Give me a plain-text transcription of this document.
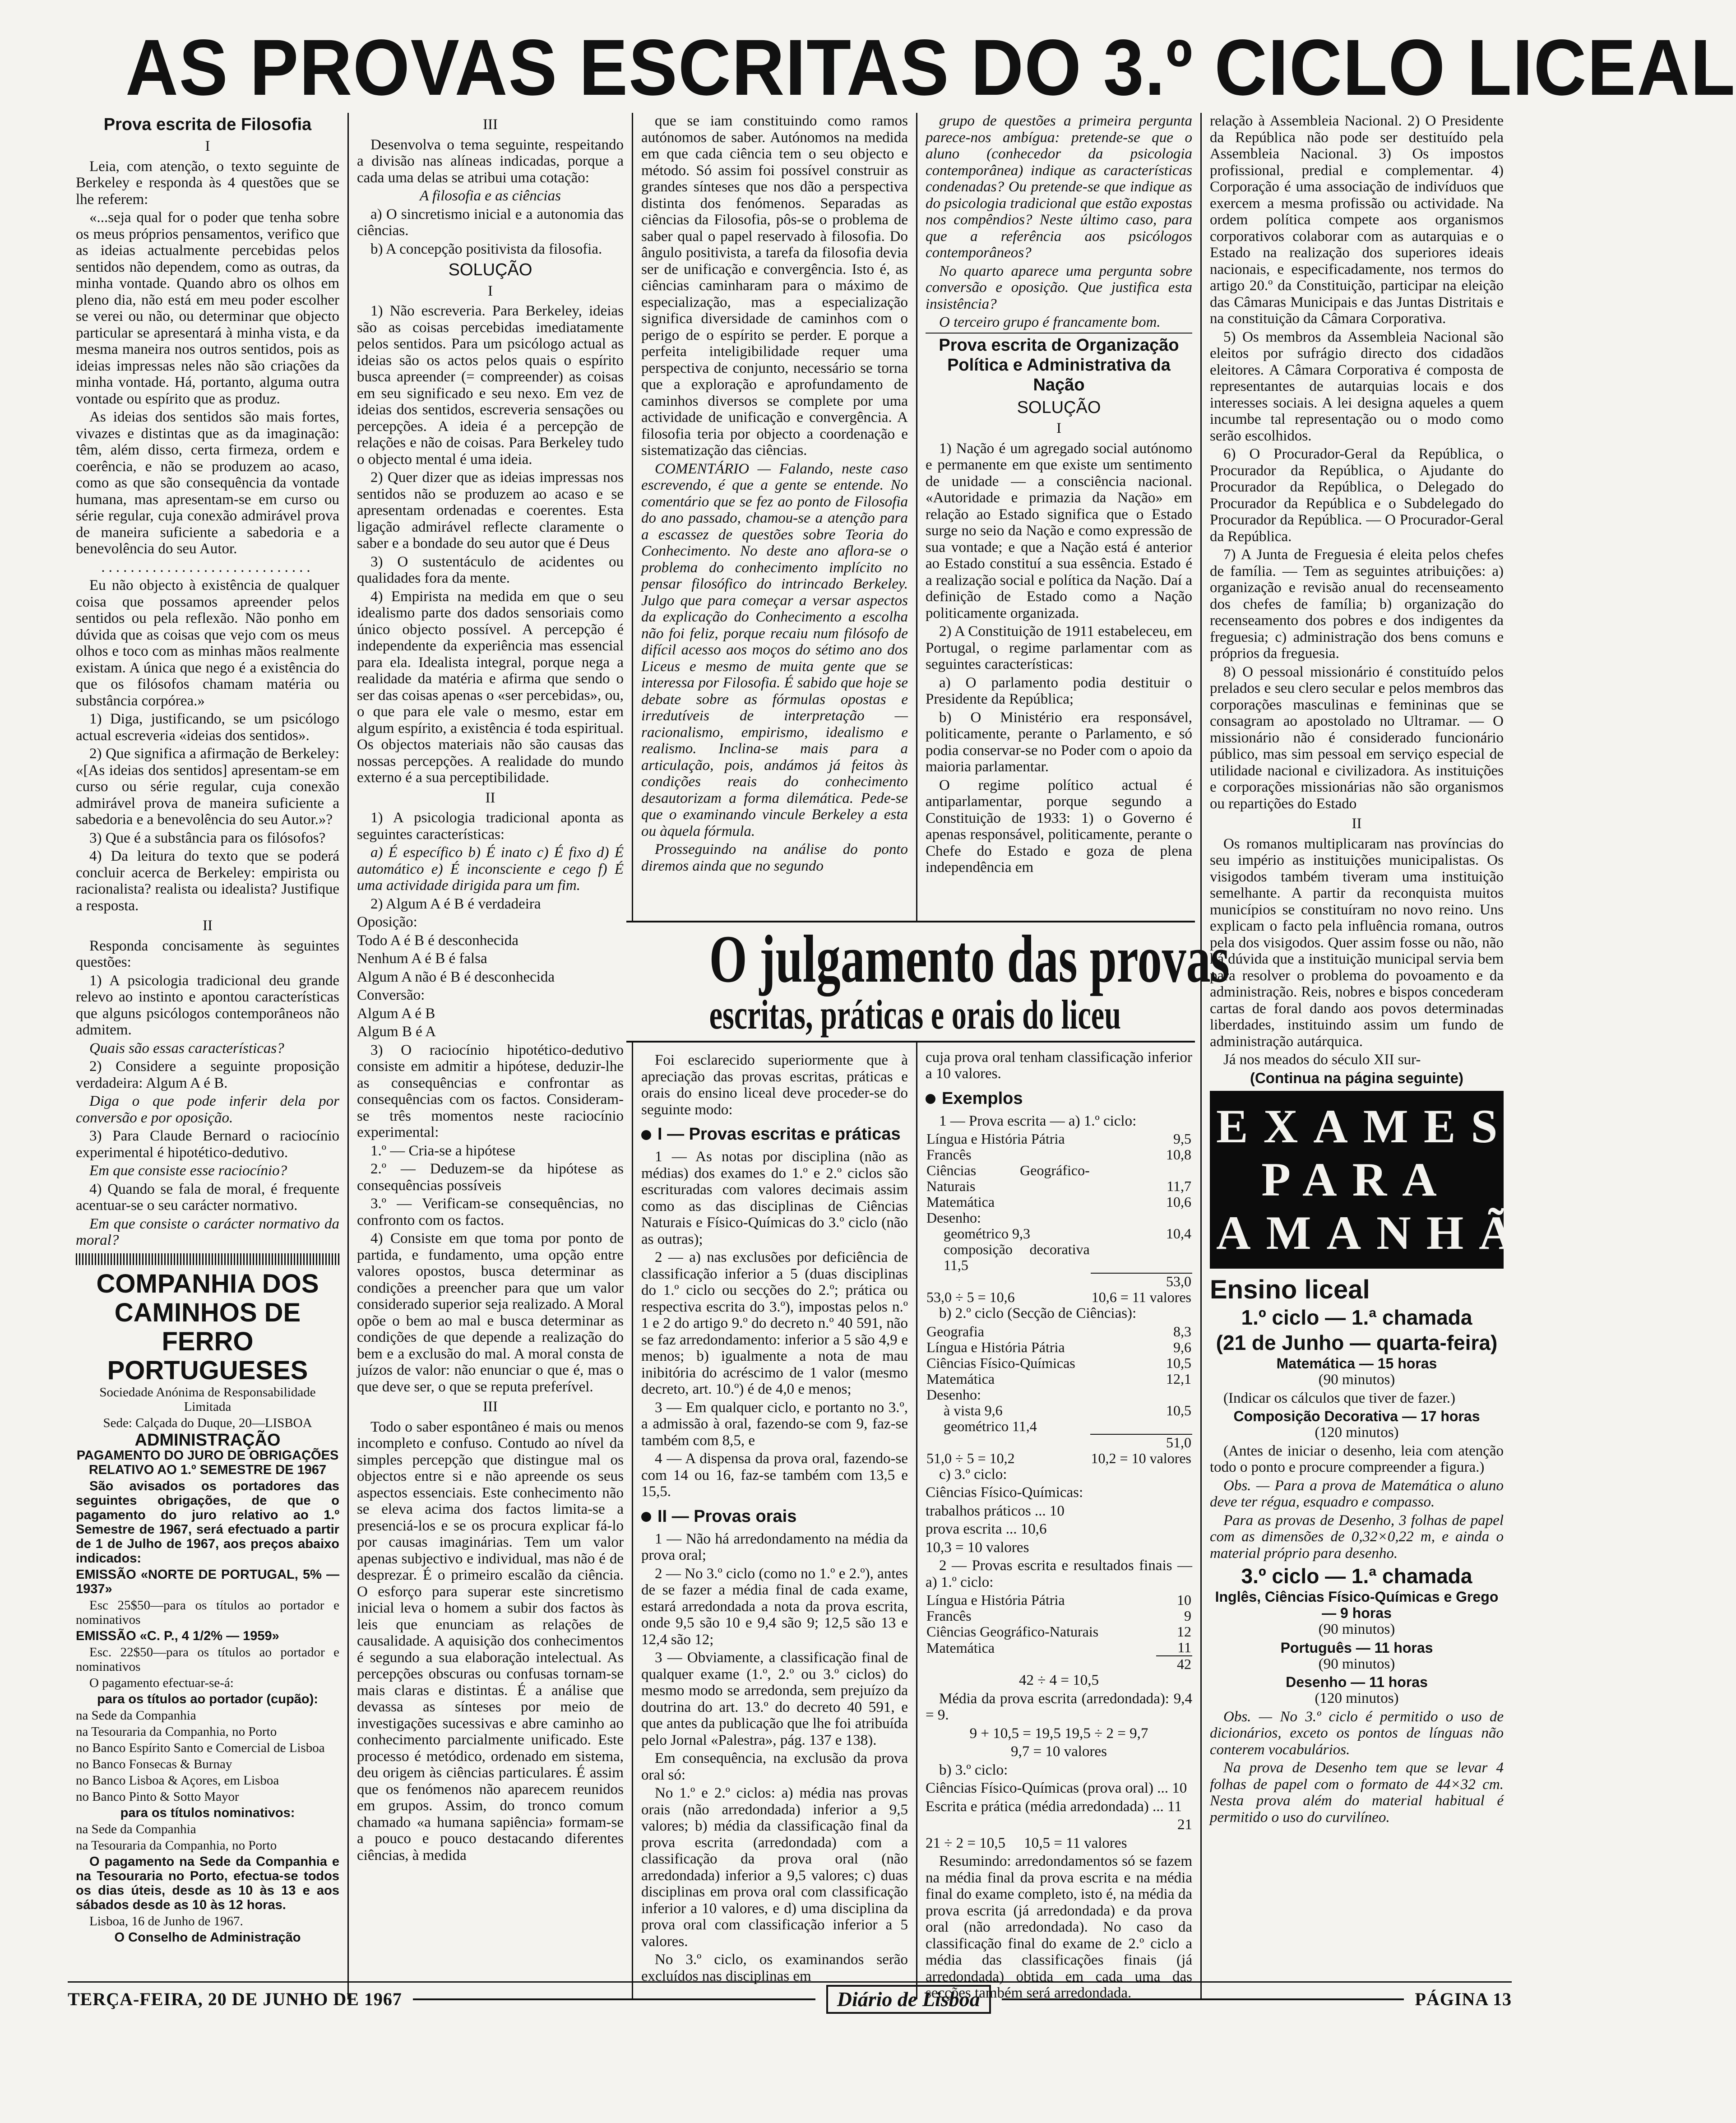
AS PROVAS ESCRITAS DO 3.º CICLO LICEAL
Prova escrita de Filosofia
I

Leia, com atenção, o texto seguinte de Berkeley e responda às 4 questões que se lhe referem:

«...seja qual for o poder que tenha sobre os meus próprios pensamentos, verifico que as ideias actualmente percebidas pelos sentidos não dependem, como as outras, da minha vontade. Quando abro os olhos em pleno dia, não está em meu poder escolher se verei ou não, ou determinar que objecto particular se apresentará à minha vista, e da mesma maneira nos outros sentidos, pois as ideias impressas neles não são criações da minha vontade. Há, portanto, alguma outra vontade ou espírito que as produz.

As ideias dos sentidos são mais fortes, vivazes e distintas que as da imaginação: têm, além disso, certa firmeza, ordem e coerência, e não se produzem ao acaso, como as que são consequência da vontade humana, mas apresentam-se em curso ou série regular, cuja conexão admirável prova de maneira suficiente a sabedoria e a benevolência do seu Autor.

.............................

Eu não objecto à existência de qualquer coisa que possamos apreender pelos sentidos ou pela reflexão. Não ponho em dúvida que as coisas que vejo com os meus olhos e toco com as minhas mãos realmente existam. A única que nego é a existência do que os filósofos chamam matéria ou substância corpórea.»

1) Diga, justificando, se um psicólogo actual escreveria «ideias dos sentidos».

2) Que significa a afirmação de Berkeley: «[As ideias dos sentidos] apresentam-se em curso ou série regular, cuja conexão admirável prova de maneira suficiente a sabedoria e a benevolência do seu Autor.»?

3) Que é a substância para os filósofos?

4) Da leitura do texto que se poderá concluir acerca de Berkeley: empirista ou racionalista? realista ou idealista? Justifique a resposta.

II

Responda concisamente às seguintes questões:

1) A psicologia tradicional deu grande relevo ao instinto e apontou características que alguns psicólogos contemporâneos não admitem.

Quais são essas características?

2) Considere a seguinte proposição verdadeira: Algum A é B.

Diga o que pode inferir dela por conversão e por oposição.

3) Para Claude Bernard o raciocínio experimental é hipotético-dedutivo.

Em que consiste esse raciocínio?

4) Quando se fala de moral, é frequente acentuar-se o seu carácter normativo.

Em que consiste o carácter normativo da moral?

COMPANHIA DOS CAMINHOS DE FERRO PORTUGUESES

Sociedade Anónima de Responsabilidade Limitada

Sede: Calçada do Duque, 20—LISBOA

ADMINISTRAÇÃO

PAGAMENTO DO JURO DE OBRIGAÇÕES RELATIVO AO 1.º SEMESTRE DE 1967

São avisados os portadores das seguintes obrigações, de que o pagamento do juro relativo ao 1.º Semestre de 1967, será efectuado a partir de 1 de Julho de 1967, aos preços abaixo indicados:

EMISSÃO «NORTE DE PORTUGAL, 5% — 1937»

Esc 25$50—para os títulos ao portador e nominativos

EMISSÃO «C. P., 4 1/2% — 1959»

Esc. 22$50—para os títulos ao portador e nominativos

O pagamento efectuar-se-á:

para os títulos ao portador (cupão):

na Sede da Companhia

na Tesouraria da Companhia, no Porto

no Banco Espírito Santo e Comercial de Lisboa

no Banco Fonsecas & Burnay

no Banco Lisboa & Açores, em Lisboa

no Banco Pinto & Sotto Mayor

para os títulos nominativos:

na Sede da Companhia

na Tesouraria da Companhia, no Porto

O pagamento na Sede da Companhia e na Tesouraria no Porto, efectua-se todos os dias úteis, desde as 10 às 13 e aos sábados desde as 10 às 12 horas.

Lisboa, 16 de Junho de 1967.

O Conselho de Administração

III

Desenvolva o tema seguinte, respeitando a divisão nas alíneas indicadas, porque a cada uma delas se atribui uma cotação:

A filosofia e as ciências

a) O sincretismo inicial e a autonomia das ciências.

b) A concepção positivista da filosofia.

SOLUÇÃO
I

1) Não escreveria. Para Berkeley, ideias são as coisas percebidas imediatamente pelos sentidos. Para um psicólogo actual as ideias são os actos pelos quais o espírito busca apreender (= compreender) as coisas em seu significado e seu nexo. Em vez de ideias dos sentidos, escreveria sensações ou percepções. A ideia é a percepção de relações e não de coisas. Para Berkeley tudo o objecto mental é uma ideia.

2) Quer dizer que as ideias impressas nos sentidos não se produzem ao acaso e se apresentam ordenadas e coerentes. Esta ligação admirável reflecte claramente o saber e a bondade do seu autor que é Deus

3) O sustentáculo de acidentes ou qualidades fora da mente.

4) Empirista na medida em que o seu idealismo parte dos dados sensoriais como único objecto possível. A percepção é independente da experiência mas essencial para ela. Idealista integral, porque nega a realidade da matéria e afirma que sendo o ser das coisas apenas o «ser percebidas», ou, o que para ele vale o mesmo, estar em algum espírito, a existência é toda espiritual. Os objectos materiais não são causas das nossas percepções. A realidade do mundo externo é a sua perceptibilidade.

II

1) A psicologia tradicional aponta as seguintes características:

a) É específico b) É inato c) É fixo d) É automático e) É inconsciente e cego f) É uma actividade dirigida para um fim.

2) Algum A é B é verdadeira

Oposição:

Todo A é B é desconhecida

Nenhum A é B é falsa

Algum A não é B é desconhecida

Conversão:

Algum A é B

Algum B é A

3) O raciocínio hipotético-dedutivo consiste em admitir a hipótese, deduzir-lhe as consequências e confrontar as consequências com os factos. Consideram-se três momentos neste raciocínio experimental:

1.º — Cria-se a hipótese

2.º — Deduzem-se da hipótese as consequências possíveis

3.º — Verificam-se consequências, no confronto com os factos.

4) Consiste em que toma por ponto de partida, e fundamento, uma opção entre valores opostos, busca determinar as condições a preencher para que um valor considerado superior seja realizado. A Moral opõe o bem ao mal e busca determinar as condições de que depende a realização do bem e a exclusão do mal. A moral consta de juízos de valor: não enunciar o que é, mas o que deve ser, o que se reputa preferível.

III

Todo o saber espontâneo é mais ou menos incompleto e confuso. Contudo ao nível da simples percepção que distingue mal os objectos entre si e não apreende os seus aspectos essenciais. Este conhecimento não se eleva acima dos factos limita-se a presenciá-los e se os procura explicar fá-lo por causas imaginárias. Tem um valor apenas subjectivo e individual, mas não é de desprezar. É o primeiro escalão da ciência. O esforço para superar este sincretismo inicial leva o homem a subir dos factos às leis que enunciam as relações de causalidade. A aquisição dos conhecimentos é segundo a sua elaboração intelectual. As percepções obscuras ou confusas tornam-se mais claras e distintas. É a análise que devassa as sínteses por meio de investigações sucessivas e abre caminho ao conhecimento parcialmente unificado. Este processo é metódico, ordenado em sistema, deu origem às ciências particulares. É assim que os fenómenos não aparecem reunidos em grupos. Assim, do tronco comum chamado «a humana sapiência» formam-se a pouco e pouco destacando diferentes ciências, à medida

que se iam constituindo como ramos autónomos de saber. Autónomos na medida em que cada ciência tem o seu objecto e método. Só assim foi possível construir as grandes sínteses que nos dão a perspectiva distinta dos fenómenos. Separadas as ciências da Filosofia, pôs-se o problema de saber qual o papel reservado à filosofia. Do ângulo positivista, a tarefa da filosofia devia ser de unificação e convergência. Isto é, as ciências caminharam para o máximo de especialização, mas a especialização significa diversidade de caminhos com o perigo de o espírito se perder. E porque a perfeita inteligibilidade requer uma perspectiva de conjunto, necessário se torna que a exploração e aprofundamento de caminhos diversos se complete por uma actividade de unificação e convergência. A filosofia teria por objecto a coordenação e sistematização das ciências.

COMENTÁRIO — Falando, neste caso escrevendo, é que a gente se entende. No comentário que se fez ao ponto de Filosofia do ano passado, chamou-se a atenção para a escassez de questões sobre Teoria do Conhecimento. No deste ano aflora-se o problema do conhecimento implícito no pensar filosófico do intrincado Berkeley. Julgo que para começar a versar aspectos da explicação do Conhecimento a escolha não foi feliz, porque recaiu num filósofo de difícil acesso aos moços do sétimo ano dos Liceus e mesmo de muita gente que se interessa por Filosofia. É sabido que hoje se debate sobre as fórmulas opostas e irredutíveis de interpretação — racionalismo, empirismo, idealismo e realismo. Inclina-se mais para a articulação, pois, andámos já feitos às condições reais do conhecimento desautorizam a forma dilemática. Pede-se que o examinando vincule Berkeley a esta ou àquela fórmula.

Prosseguindo na análise do ponto diremos ainda que no segundo

Foi esclarecido superiormente que à apreciação das provas escritas, práticas e orais do ensino liceal deve proceder-se do seguinte modo:

I — Provas escritas e práticas

1 — As notas por disciplina (não as médias) dos exames do 1.º e 2.º ciclos são escrituradas com valores decimais assim como as das disciplinas de Ciências Naturais e Físico-Químicas do 3.º ciclo (não as outras);

2 — a) nas exclusões por deficiência de classificação inferior a 5 (duas disciplinas do 1.º ciclo ou secções do 2.º; prática ou respectiva escrita do 3.º), impostas pelos n.º 1 e 2 do artigo 9.º do decreto n.º 40 591, não se faz arredondamento: inferior a 5 são 4,9 e menos; b) igualmente a nota de mau inibitória do acréscimo de 1 valor (mesmo decreto, art. 10.º) é de 4,0 e menos;

3 — Em qualquer ciclo, e portanto no 3.º, a admissão à oral, fazendo-se com 9, faz-se também com 8,5, e

4 — A dispensa da prova oral, fazendo-se com 14 ou 16, faz-se também com 13,5 e 15,5.

II — Provas orais

1 — Não há arredondamento na média da prova oral;

2 — No 3.º ciclo (como no 1.º e 2.º), antes de se fazer a média final de cada exame, estará arredondada a nota da prova escrita, onde 9,5 são 10 e 9,4 são 9; 12,5 são 13 e 12,4 são 12;

3 — Obviamente, a classificação final de qualquer exame (1.º, 2.º ou 3.º ciclos) do mesmo modo se arredonda, sem prejuízo da doutrina do art. 13.º do decreto 40 591, e que antes da publicação que lhe foi atribuída pelo Jornal «Palestra», pág. 137 e 138).

Em consequência, na exclusão da prova oral só:

No 1.º e 2.º ciclos: a) média nas provas orais (não arredondada) inferior a 9,5 valores; b) média da classificação final da prova escrita (arredondada) com a classificação da prova oral (não arredondada) inferior a 9,5 valores; c) duas disciplinas em prova oral com classificação inferior a 10 valores, e d) uma disciplina da prova oral com classificação inferior a 5 valores.

No 3.º ciclo, os examinandos serão excluídos nas disciplinas em

grupo de questões a primeira pergunta parece-nos ambígua: pretende-se que o aluno (conhecedor da psicologia contemporânea) indique as características condenadas? Ou pretende-se que indique as do psicologia tradicional que estão expostas nos compêndios? Neste último caso, para que a referência aos psicólogos contemporâneos?

No quarto aparece uma pergunta sobre conversão e oposição. Que justifica esta insistência?

O terceiro grupo é francamente bom.

Prova escrita de Organização Política e Administrativa da Nação
SOLUÇÃO
I

1) Nação é um agregado social autónomo e permanente em que existe um sentimento de unidade — a consciência nacional. «Autoridade e primazia da Nação» em relação ao Estado significa que o Estado surge no seio da Nação e como expressão de sua vontade; e que a Nação está é anterior ao Estado constituí a sua essência. Estado é a realização social e política da Nação. Daí a definição de Estado como a Nação politicamente organizada.

2) A Constituição de 1911 estabeleceu, em Portugal, o regime parlamentar com as seguintes características:

a) O parlamento podia destituir o Presidente da República;

b) O Ministério era responsável, politicamente, perante o Parlamento, e só podia conservar-se no Poder com o apoio da maioria parlamentar.

O regime político actual é antiparlamentar, porque segundo a Constituição de 1933: 1) o Governo é apenas responsável, politicamente, perante o Chefe do Estado e goza de plena independência em

cuja prova oral tenham classificação inferior a 10 valores.

Exemplos

1 — Prova escrita — a) 1.º ciclo:

Língua e História Pátria	9,5
Francês	10,8
Ciências Geográfico-Naturais	11,7
Matemática	10,6
Desenho:	
geométrico 9,3	10,4
composição decorativa 11,5	
	53,0
53,0 ÷ 5 = 10,6	10,6 = 11 valores

b) 2.º ciclo (Secção de Ciências):

Geografia	8,3
Língua e História Pátria	9,6
Ciências Físico-Químicas	10,5
Matemática	12,1
Desenho:	
à vista 9,6	10,5
geométrico 11,4	
	51,0
51,0 ÷ 5 = 10,2	10,2 = 10 valores

c) 3.º ciclo:

Ciências Físico-Químicas:

trabalhos práticos ... 10

prova escrita ... 10,6

10,3 = 10 valores

2 — Provas escrita e resultados finais — a) 1.º ciclo:

Língua e História Pátria	10
Francês	9
Ciências Geográfico-Naturais	12
Matemática	11
	42

42 ÷ 4 = 10,5

Média da prova escrita (arredondada): 9,4 = 9.

9 + 10,5 = 19,5 19,5 ÷ 2 = 9,7

9,7 = 10 valores

b) 3.º ciclo:

Ciências Físico-Químicas (prova oral) ... 10

Escrita e prática (média arredondada) ... 11

21

21 ÷ 2 = 10,5 10,5 = 11 valores

Resumindo: arredondamentos só se fazem na média final da prova escrita e na média final do exame completo, isto é, na média da prova escrita (já arredondada) e da prova oral (não arredondada). No caso da classificação final do exame de 2.º ciclo a média das classificações finais (já arredondada) obtida em cada uma das secções também será arredondada.

relação à Assembleia Nacional. 2) O Presidente da República não pode ser destituído pela Assembleia Nacional. 3) Os impostos profissional, predial e complementar. 4) Corporação é uma associação de indivíduos que exercem a mesma profissão ou actividade. Na ordem política compete aos organismos corporativos colaborar com as autarquias e o Estado na realização dos superiores ideais nacionais, e especificadamente, nos termos do artigo 20.º da Constituição, participar na eleição das Câmaras Municipais e das Juntas Distritais e na constituição da Câmara Corporativa.

5) Os membros da Assembleia Nacional são eleitos por sufrágio directo dos cidadãos eleitores. A Câmara Corporativa é composta de representantes de autarquias locais e dos interesses sociais. A lei designa aqueles a quem incumbe tal representação ou o modo como serão escolhidos.

6) O Procurador-Geral da República, o Procurador da República, o Ajudante do Procurador da República, o Delegado do Procurador da República e o Subdelegado do Procurador da República. — O Procurador-Geral da República.

7) A Junta de Freguesia é eleita pelos chefes de família. — Tem as seguintes atribuições: a) organização e revisão anual do recenseamento dos chefes de família; b) organização do recenseamento dos pobres e dos indigentes da freguesia; c) administração dos bens comuns e próprios da freguesia.

8) O pessoal missionário é constituído pelos prelados e seu clero secular e pelos membros das corporações masculinas e femininas que se consagram ao apostolado no Ultramar. — O missionário não é considerado funcionário público, mas sim pessoal em serviço especial de utilidade nacional e civilizadora. As instituições e corporações missionárias não são organismos ou repartições do Estado

II

Os romanos multiplicaram nas províncias do seu império as instituições municipalistas. Os visigodos também tiveram uma instituição semelhante. A partir da reconquista muitos municípios se constituíram no novo reino. Uns explicam o facto pela influência romana, outros pela dos visigodos. Quer assim fosse ou não, não há dúvida que a instituição municipal servia bem para resolver o problema do povoamento e da administração. Reis, nobres e bispos concederam cartas de foral dando aos povos determinadas liberdades, instituindo assim um fundo de administração autárquica.

Já nos meados do século XII sur-

(Continua na página seguinte)

EXAMES
PARA
AMANHÃ
Ensino liceal
1.º ciclo — 1.ª chamada
(21 de Junho — quarta-feira)
Matemática — 15 horas

(90 minutos)

(Indicar os cálculos que tiver de fazer.)

Composição Decorativa — 17 horas

(120 minutos)

(Antes de iniciar o desenho, leia com atenção todo o ponto e procure compreender a figura.)

Obs. — Para a prova de Matemática o aluno deve ter régua, esquadro e compasso.

Para as provas de Desenho, 3 folhas de papel com as dimensões de 0,32×0,22 m, e ainda o material próprio para desenho.

3.º ciclo — 1.ª chamada
Inglês, Ciências Físico-Químicas e Grego — 9 horas

(90 minutos)

Português — 11 horas

(90 minutos)

Desenho — 11 horas

(120 minutos)

Obs. — No 3.º ciclo é permitido o uso de dicionários, exceto os pontos de línguas não conterem vocabulários.

Na prova de Desenho tem que se levar 4 folhas de papel com o formato de 44×32 cm. Nesta prova além do material habitual é permitido o uso do curvilíneo.

O julgamento das provas
escritas, práticas e orais do liceu
TERÇA-FEIRA, 20 DE JUNHO DE 1967	Diário de Lisboa	PÁGINA 13
